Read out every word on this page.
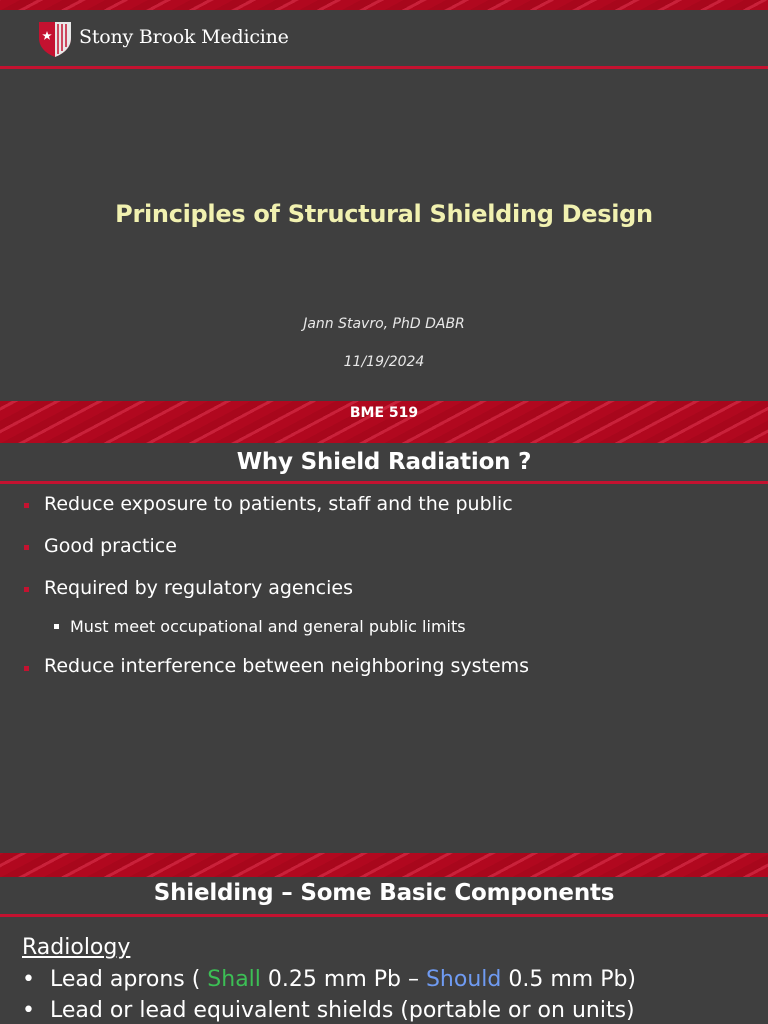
Stony Brook Medicine
Principles of Structural Shielding Design
Jann Stavro, PhD DABR
11/19/2024
BME 519
Why Shield Radiation ?
Reduce exposure to patients, staff and the public
Good practice
Required by regulatory agencies
Must meet occupational and general public limits
Reduce interference between neighboring systems
Shielding – Some Basic Components
Radiology
• Lead aprons ( Shall 0.25 mm Pb – Should 0.5 mm Pb)
• Lead or lead equivalent shields (portable or on units)
